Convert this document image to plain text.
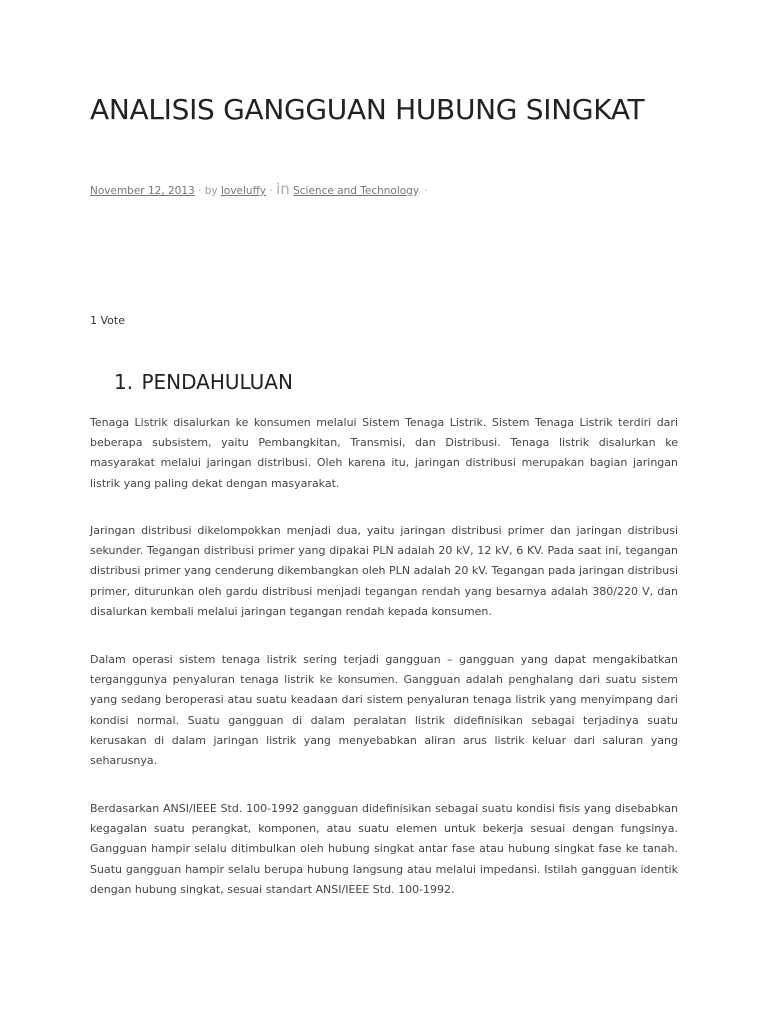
ANALISIS GANGGUAN HUBUNG SINGKAT
November 12, 2013 · by loveluffy · in Science and Technology. ·
1 Vote
1. PENDAHULUAN

Tenaga Listrik disalurkan ke konsumen melalui Sistem Tenaga Listrik. Sistem Tenaga Listrik terdiri dari beberapa subsistem, yaitu Pembangkitan, Transmisi, dan Distribusi. Tenaga listrik disalurkan ke masyarakat melalui jaringan distribusi. Oleh karena itu, jaringan distribusi merupakan bagian jaringan listrik yang paling dekat dengan masyarakat.

Jaringan distribusi dikelompokkan menjadi dua, yaitu jaringan distribusi primer dan jaringan distribusi sekunder. Tegangan distribusi primer yang dipakai PLN adalah 20 kV, 12 kV, 6 KV. Pada saat ini, tegangan distribusi primer yang cenderung dikembangkan oleh PLN adalah 20 kV. Tegangan pada jaringan distribusi primer, diturunkan oleh gardu distribusi menjadi tegangan rendah yang besarnya adalah 380/220 V, dan disalurkan kembali melalui jaringan tegangan rendah kepada konsumen.

Dalam operasi sistem tenaga listrik sering terjadi gangguan – gangguan yang dapat mengakibatkan terganggunya penyaluran tenaga listrik ke konsumen. Gangguan adalah penghalang dari suatu sistem yang sedang beroperasi atau suatu keadaan dari sistem penyaluran tenaga listrik yang menyimpang dari kondisi normal. Suatu gangguan di dalam peralatan listrik didefinisikan sebagai terjadinya suatu kerusakan di dalam jaringan listrik yang menyebabkan aliran arus listrik keluar dari saluran yang seharusnya.

Berdasarkan ANSI/IEEE Std. 100-1992 gangguan didefinisikan sebagai suatu kondisi fisis yang disebabkan kegagalan suatu perangkat, komponen, atau suatu elemen untuk bekerja sesuai dengan fungsinya. Gangguan hampir selalu ditimbulkan oleh hubung singkat antar fase atau hubung singkat fase ke tanah. Suatu gangguan hampir selalu berupa hubung langsung atau melalui impedansi. Istilah gangguan identik dengan hubung singkat, sesuai standart ANSI/IEEE Std. 100-1992.
